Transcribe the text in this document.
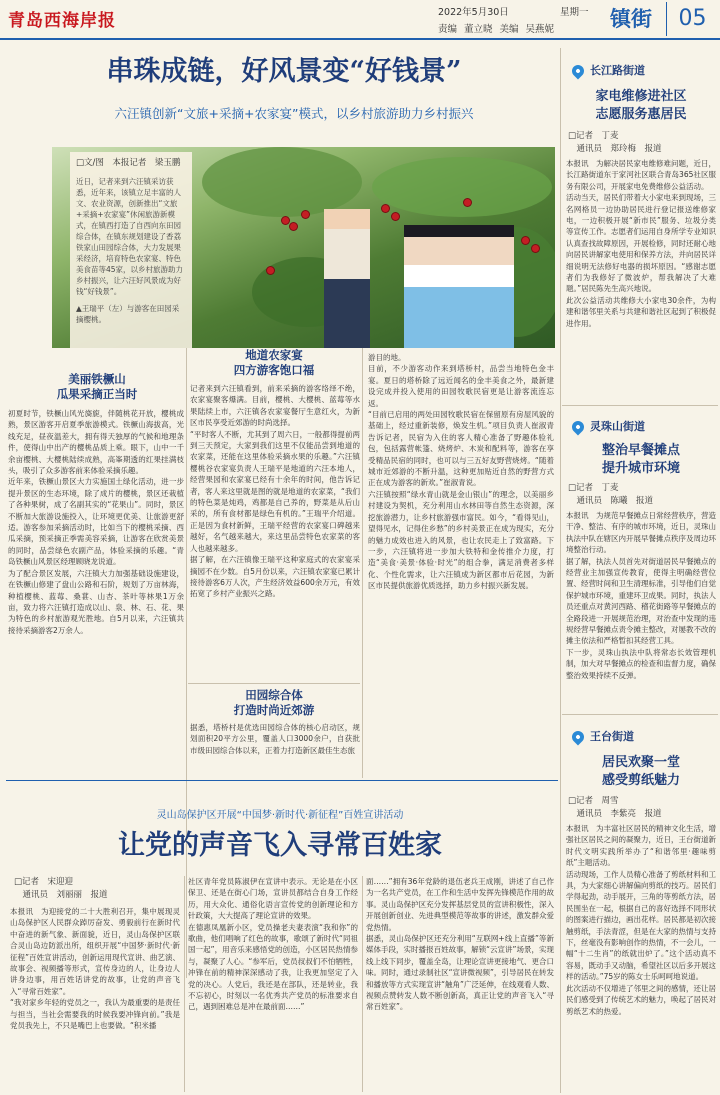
青岛西海岸报	2022年5月30日	星期一
责编 董立晓 美编 吴燕妮	镇街	05
串珠成链，好风景变“好钱景”
六汪镇创新“文旅+采摘+农家宴”模式，以乡村旅游助力乡村振兴
□文/图　本报记者　梁玉鹏
近日，记者来到六汪镇采访获悉，近年来，该镇立足丰富的人文、农业资源，创新推出“文旅+采摘+农家宴”休闲旅游新模式，在镇西打造了自西向东田园综合体，在镇东规划建设了香荔铁家山田园综合体，大力发展果采经济，培育特色农家宴、特色美食苗等45家，以乡村旅游助力乡村振兴，让六汪好风景成为好钱“好钱景”。
▲王瑞平（左）与游客在田园采摘樱桃。
美丽铁橛山
瓜果采摘正当时
初夏时节，铁橛山风光旖旎，伴随桃花开放，樱桃成熟，景区游客开启夏季旅游模式。铁橛山海拔高，光线充足，昼夜温差大，拥有得天独厚的气候和地理条件，使得山中出产的樱桃品质上乘。眼下，山中一千余亩樱桃、大樱桃陆续成熟，高峯期透的红果挂满枝头，吸引了众多游客前来体验采摘乐趣。
近年来，铁橛山景区大力实施国土绿化活动，进一步提升景区的生态环境，除了成片的樱桃，景区还栽植了各种果树，成了名副其实的“花果山”。同时，景区不断加大旅游设施投入，让环境更优美、让旅游更舒适。游客参加采摘活动时，比如当下的樱桃采摘、西瓜采摘，预采摘正季需美容采摘，让游客在欣赏美景的同时，品尝绿色农副产品，体验采摘的乐趣。“青岛铁橛山风景区经理顾晓龙说道。
为了配合景区发展，六汪镇大力加强基础设施建设，在铁橛山修建了盘山公路和石阶，规划了万亩林海，种植樱桃、蓝莓、桑葚、山杏、茶叶等林果1万余亩，致力将六汪镇打造成以山、泉、林、石、花、果为特色的乡村旅游观光胜地。自5月以来，六汪镇共接待采摘游客2万余人。
地道农家宴
四方游客饱口福
记者来到六汪镇看到，前来采摘的游客络绎不绝，农家宴聚客爆满。目前，樱桃、大樱桃、蓝莓等水果陆续上市，六汪镇各农家宴餐厅生意红火，为新区市民享受近郊游的时尚选择。
“平时客人不断，尤其到了周六日，一般都得提前两到三天预定，大家到我们这里不仅能品尝到地道的农家菜，还能在这里体验采摘水果的乐趣。”六汪镇樱桃谷农家宴负责人王瑞平是地道的六汪本地人，经营果园和农家宴已经有十余年的时间，他告诉记者，客人来这里就是图的就是地道的农家菜，“我们的特色菜是炖鸡，鸡都是自己养的，野菜是从后山采的，所有食材都是绿色有机的。”王瑞平介绍道。正是因为食材新鲜，王瑞平经营的农家宴口碑越来越好，名气越来越大，来这里品尝特色农家菜的客人也越来越多。
据了解，在六汪镇像王瑞平这种家庭式的农家宴采摘园不在少数。自5月份以来，六汪镇农家宴已累计接待游客6万人次，产生经济效益600余万元，有效拓宽了乡村产业振兴之路。
田园综合体
打造时尚近郊游
据悉，塔桥村是优选田园综合体的核心启动区，规划面积20平方公里，覆盖人口3000余户，自获批市级田园综合体以来，正着力打造新区最佳生态旅
游目的地。
目前，不少游客动作来到塔桥村，品尝当地特色金丰宴。夏日的塔桥除了远近闻名的金丰美食之外，最新建设完成并投入使用的田园牧歌民宿更是让游客流连忘返。
“目前已启用的两处田园牧歌民宿在保留原有房屋风貌的基础上，经过重新装修，焕发生机。”项目负责人崔淑青告诉记者，民宿为入住的客人精心准备了野趣体验礼包，包括露营帐篷、烧烤炉、木炭和配料等，游客在享受精品民宿的同时，也可以与三五好友野营烧烤。“随着城市近郊游的不断升温，这种更加贴近自然的野营方式正在成为游客的新欢。”崔淑青说。
六汪镇按照“绿水青山就是金山银山”的理念，以美丽乡村建设为契机，充分利用山水林田等自然生态资源，深挖旅游潜力，让乡村旅游强市富民。如今，“看得见山，望得见水，记得住乡愁”的乡村美景正在成为现实，充分的魅力成效也进入的风景，也让农民走上了致富路。下一步，六汪镇将进一步加大铁特和金传推介力度，打造“美食·美景·体验·时光”的组合拳，满足消费者多样化、个性化需求，让六汪镇成为新区都市后花园，为新区市民提供旅游优质选择，助力乡村振兴新发展。
长江路街道
家电维修进社区
志愿服务惠居民
□记者　丁麦
　通讯员　郑玲梅　报道
本报讯　为解决居民家电维修难问题，近日，长江路街道东于家河社区联合青岛365社区服务有限公司，开展家电免费维修公益活动。
活动当天，居民们带着大小家电来到现场，三名网格员一边协助居民进行登记报送维修家电，一边积极开展“新市民”服务、垃圾分类等宣传工作。志愿者们运用自身所学专业知识认真查找故障原因，开展检修，同时还耐心地向居民讲解家电使用和保养方法，并向居民详细说明无法修好电器的损坏原因。“感谢志愿者们为我修好了微波炉，帮我解决了大难题。”居民陈先生高兴地说。
此次公益活动共维修大小家电30余件，为构建和谐邻里关系与共建和谐社区起到了积极促进作用。
灵珠山街道
整治早餐摊点
提升城市环境
□记者　丁麦
　通讯员　陈曦　报道
本报讯　为规范早餐摊点日常经营秩序，营造干净、整洁、有序的城市环境，近日，灵珠山执法中队在辖区内开展早餐摊点秩序及周边环境整治行动。
据了解，执法人员首先对街道居民早餐摊点的经营业主加强宣传教育，使得主明确经营位置、经营时间和卫生清理标准，引导他们自觉保护城市环境，重建环卫成果。同时，执法人员还重点对黄河西路、稽花街路等早餐摊点的全路段进一开展规范治理，对治查中发现的违规经营早餐摊点责令摊主整改，对屡教不改的摊主依法和严格暂扣其经营工具。
下一步，灵珠山执法中队将常态长效管理机制，加大对早餐摊点的检查和监督力度，确保整治效果持续不反弹。
王台街道
居民欢聚一堂
感受剪纸魅力
□记者　周雪
　通讯员　李紫亮　报道
本报讯　为丰富社区居民的精神文化生活，增强社区居民之间的凝聚力，近日，王台街道新时代文明实践所举办了“和谐邻里·趣味剪纸”主题活动。
活动现场，工作人员精心准备了剪纸材料和工具，为大家细心讲解偏向剪纸的技巧。居民们学得起劲，动手展开，三角的等剪纸方法，居民围坐在一起，根据自己的喜好选择不同形状的图案进行描边，画出花样。居民都是初次接触剪纸，手法青涩，但是在大家的热情与支持下，丝毫没有影响创作的热情，不一会儿，一幅“十二生肖”的纸就出炉了。”这个活动真不容易，既动手又动脑，希望社区以后多开展这样的活动。”75岁的陈女士乐呵呵地说道。
此次活动不仅增进了邻里之间的感情，还让居民们感受到了传统艺术的魅力，唤起了居民对剪纸艺术的热爱。
灵山岛保护区开展“中国梦·新时代·新征程”百姓宣讲活动
让党的声音飞入寻常百姓家
□记者　宋迎迎
　通讯员　刘丽丽　报道
本报讯　为迎接党的二十大胜利召开，集中展现灵山岛保护区人民群众踔厉奋发、勇毅前行在新时代中奋进的新气象、新面貌，近日，灵山岛保护区联合灵山岛边防派出所，组织开展“中国梦·新时代·新征程”百姓宣讲活动，创新运用现代宣讲、曲艺演、故事会、视频播等形式，宣传身边的人，让身边人讲身边事，用百姓话讲党的故事，让党的声音飞入“寻常百姓家”。
“我对家乡年轻的党员之一，我认为最重要的是责任与担当，当社会需要我的时候我要冲锋向前。”我是党员我先上，不只是嘴巴上也要做。“积米播
社区青年党员陈淑伊在宣讲中表示。无论是在小区保卫、还是在街心门场，宣讲员都结合自身工作经历，用大众化、通俗化语言宣传党的创新理论和方针政策，大大提高了理论宣讲的效果。
在德惠凤凰新小区，党员操老夫妻表演“我和你”的歌曲，他们唱响了红色的故事，歌颂了新时代“同祖国一起”，用音乐来感悟党的创造，小区居民热情参与，凝聚了人心。“参军后，党员叔叔们不怕牺牲，冲锋在前的精神深深感动了我，让我更加坚定了入党的决心。人党后，我还是在部队，还是转业，我不忘初心，时刻以一名优秀共产党员的标准要求自己，遇到困难总是冲在最前面……”
面……”拥有36年党龄的退伍老兵王成刚，讲述了自己作为一名共产党员，在工作和生活中发挥先锋模范作用的故事。灵山岛保护区充分发挥基层党员的宣讲积极性，深入开展创新创业、先进典型模范等故事的讲述，激发群众爱党热情。
据悉，灵山岛保护区还充分利用“互联网+线上直播”等新媒体手段，实时播报百姓故事，解锁“云宣讲”场景，实现线上线下同步，覆盖全岛，让理论宣讲更接地气、更合口味。同时，通过录制社区“宣讲微视频”，引导居民在转发和播放等方式实现宣讲“触角”广泛延伸，在线观看人数、视频点赞转发人数不断创新高，真正让党的声音飞入“寻常百姓家”。
